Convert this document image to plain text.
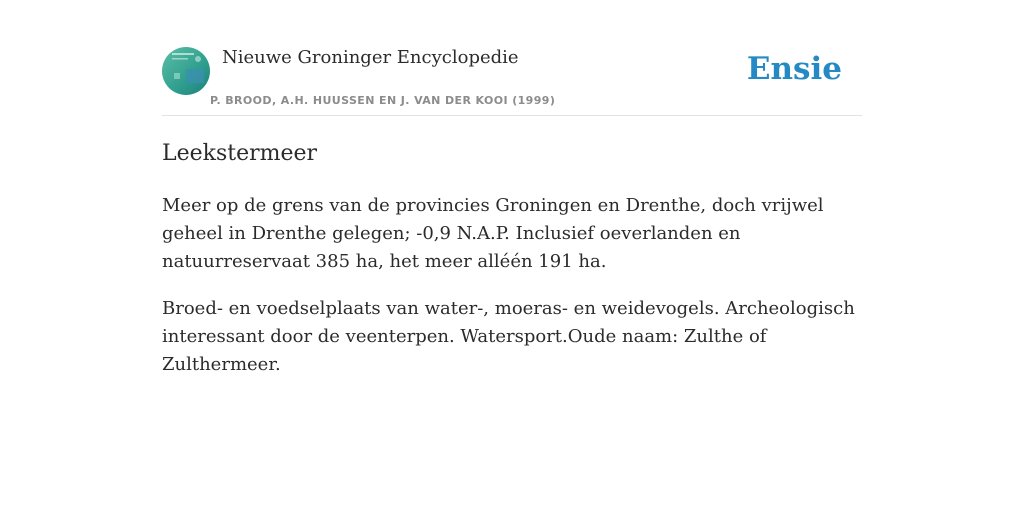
Nieuwe Groninger Encyclopedie
P. BROOD, A.H. HUUSSEN EN J. VAN DER KOOI (1999)
Ensie
Leekstermeer

Meer op de grens van de provincies Groningen en Drenthe, doch vrijwel geheel in Drenthe gelegen; -0,9 N.A.P. Inclusief oeverlanden en natuurreservaat 385 ha, het meer alléén 191 ha.

Broed- en voedselplaats van water-, moeras- en weidevogels. Archeologisch interessant door de veenterpen. Watersport.Oude naam: Zulthe of Zulthermeer.
